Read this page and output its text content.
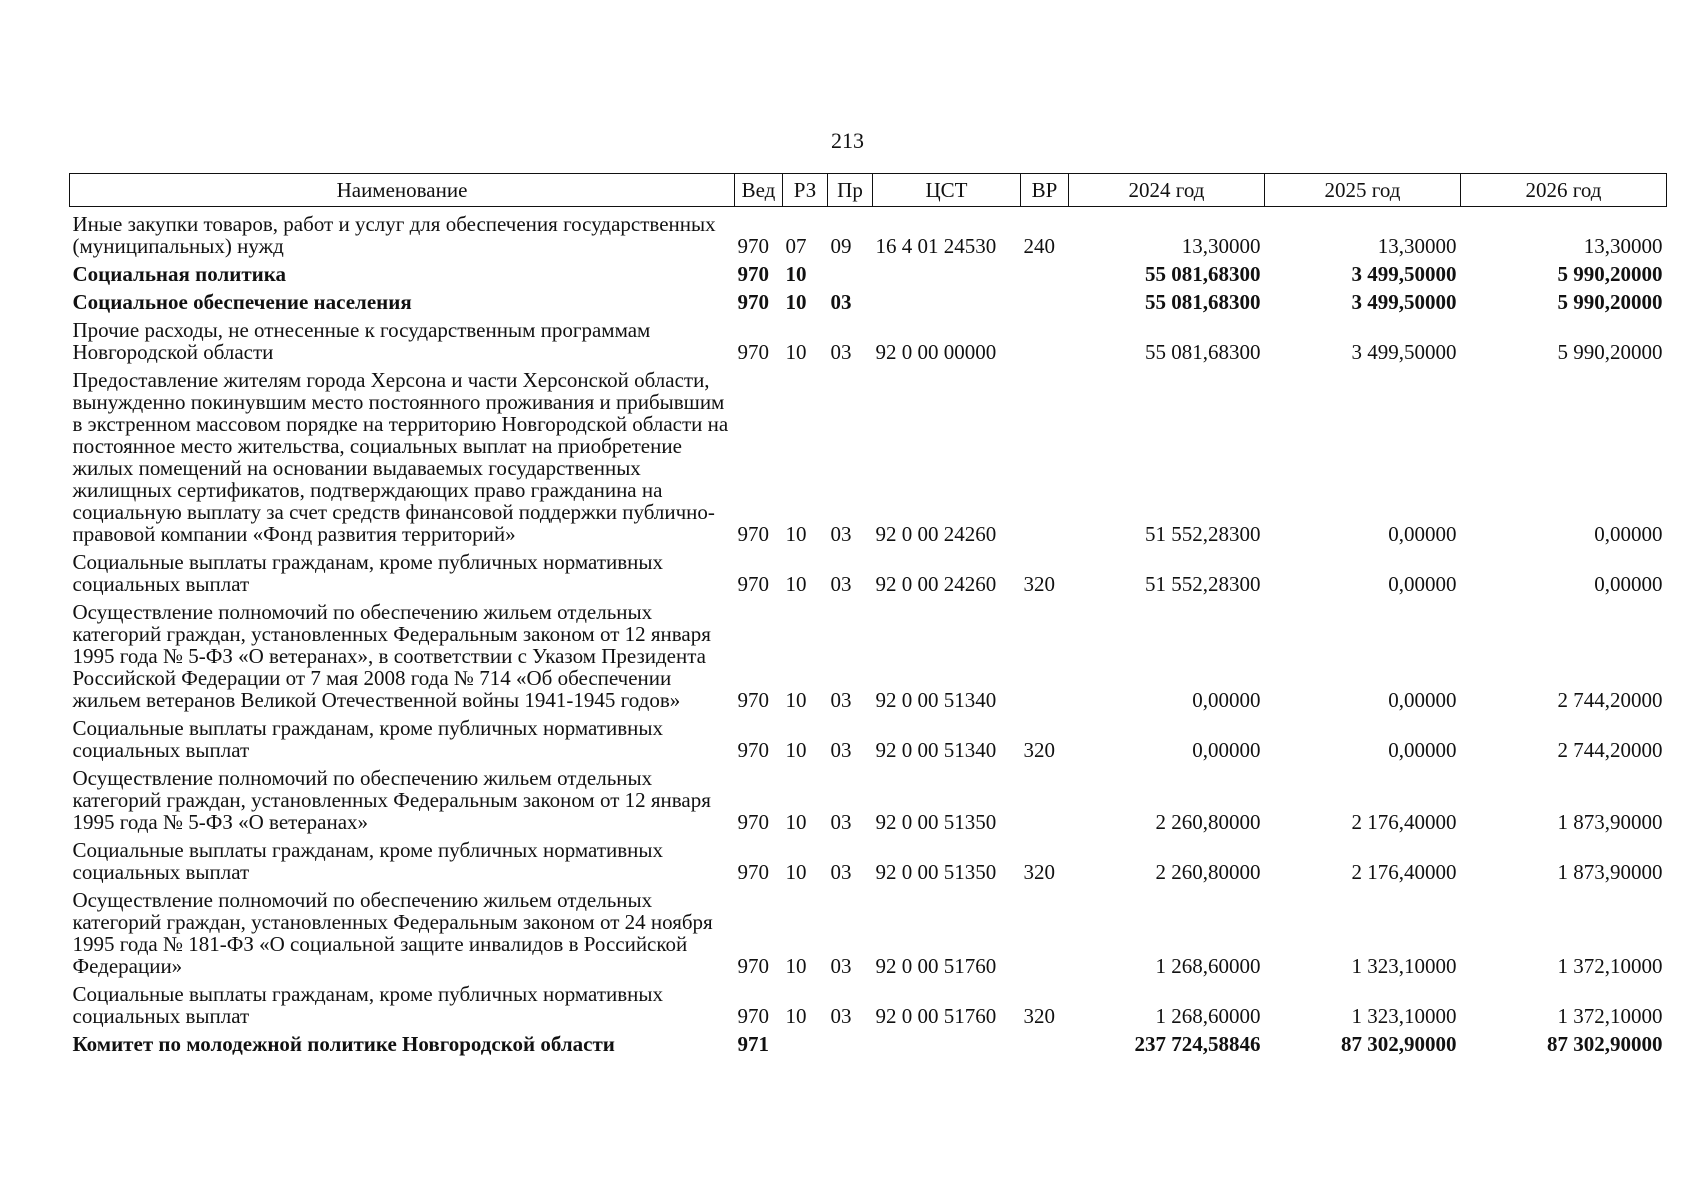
213
Наименование	Вед	РЗ	Пр	ЦСТ	ВР	2024 год	2025 год	2026 год
Иные закупки товаров, работ и услуг для обеспечения государственных (муниципальных) нужд	970	07	09	16 4 01 24530	240	13,30000	13,30000	13,30000
Социальная политика	970	10				55 081,68300	3 499,50000	5 990,20000
Социальное обеспечение населения	970	10	03			55 081,68300	3 499,50000	5 990,20000
Прочие расходы, не отнесенные к государственным программам Новгородской области	970	10	03	92 0 00 00000		55 081,68300	3 499,50000	5 990,20000
Предоставление жителям города Херсона и части Херсонской области, вынужденно покинувшим место постоянного проживания и прибывшим в экстренном массовом порядке на территорию Новгородской области на постоянное место жительства, социальных выплат на приобретение жилых помещений на основании выдаваемых государственных жилищных сертификатов, подтверждающих право гражданина на социальную выплату за счет средств финансовой поддержки публично-правовой компании «Фонд развития территорий»	970	10	03	92 0 00 24260		51 552,28300	0,00000	0,00000
Социальные выплаты гражданам, кроме публичных нормативных социальных выплат	970	10	03	92 0 00 24260	320	51 552,28300	0,00000	0,00000
Осуществление полномочий по обеспечению жильем отдельных категорий граждан, установленных Федеральным законом от 12 января 1995 года № 5-ФЗ «О ветеранах», в соответствии с Указом Президента Российской Федерации от 7 мая 2008 года № 714 «Об обеспечении жильем ветеранов Великой Отечественной войны 1941-1945 годов»	970	10	03	92 0 00 51340		0,00000	0,00000	2 744,20000
Социальные выплаты гражданам, кроме публичных нормативных социальных выплат	970	10	03	92 0 00 51340	320	0,00000	0,00000	2 744,20000
Осуществление полномочий по обеспечению жильем отдельных категорий граждан, установленных Федеральным законом от 12 января 1995 года № 5-ФЗ «О ветеранах»	970	10	03	92 0 00 51350		2 260,80000	2 176,40000	1 873,90000
Социальные выплаты гражданам, кроме публичных нормативных социальных выплат	970	10	03	92 0 00 51350	320	2 260,80000	2 176,40000	1 873,90000
Осуществление полномочий по обеспечению жильем отдельных категорий граждан, установленных Федеральным законом от 24 ноября 1995 года № 181-ФЗ «О социальной защите инвалидов в Российской Федерации»	970	10	03	92 0 00 51760		1 268,60000	1 323,10000	1 372,10000
Социальные выплаты гражданам, кроме публичных нормативных социальных выплат	970	10	03	92 0 00 51760	320	1 268,60000	1 323,10000	1 372,10000
Комитет по молодежной политике Новгородской области	971					237 724,58846	87 302,90000	87 302,90000
